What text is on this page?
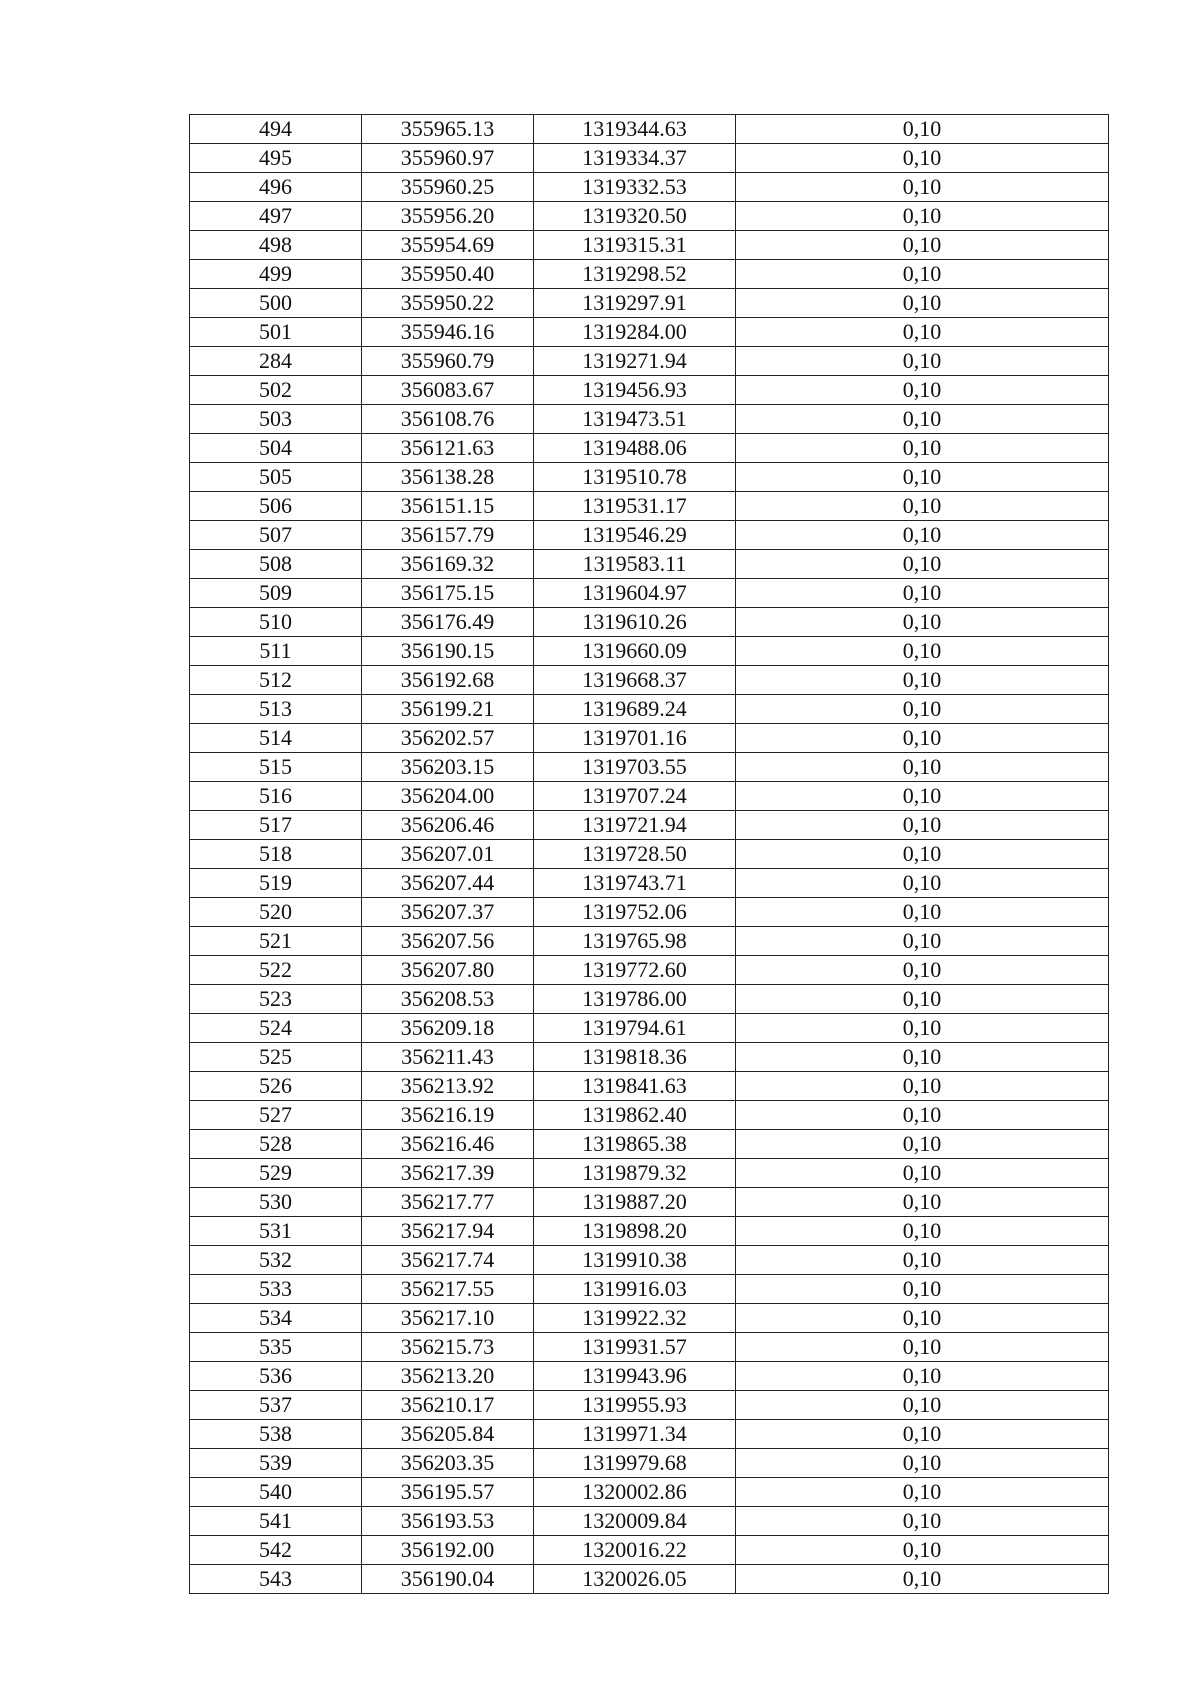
494	355965.13	1319344.63	0,10
495	355960.97	1319334.37	0,10
496	355960.25	1319332.53	0,10
497	355956.20	1319320.50	0,10
498	355954.69	1319315.31	0,10
499	355950.40	1319298.52	0,10
500	355950.22	1319297.91	0,10
501	355946.16	1319284.00	0,10
284	355960.79	1319271.94	0,10
502	356083.67	1319456.93	0,10
503	356108.76	1319473.51	0,10
504	356121.63	1319488.06	0,10
505	356138.28	1319510.78	0,10
506	356151.15	1319531.17	0,10
507	356157.79	1319546.29	0,10
508	356169.32	1319583.11	0,10
509	356175.15	1319604.97	0,10
510	356176.49	1319610.26	0,10
511	356190.15	1319660.09	0,10
512	356192.68	1319668.37	0,10
513	356199.21	1319689.24	0,10
514	356202.57	1319701.16	0,10
515	356203.15	1319703.55	0,10
516	356204.00	1319707.24	0,10
517	356206.46	1319721.94	0,10
518	356207.01	1319728.50	0,10
519	356207.44	1319743.71	0,10
520	356207.37	1319752.06	0,10
521	356207.56	1319765.98	0,10
522	356207.80	1319772.60	0,10
523	356208.53	1319786.00	0,10
524	356209.18	1319794.61	0,10
525	356211.43	1319818.36	0,10
526	356213.92	1319841.63	0,10
527	356216.19	1319862.40	0,10
528	356216.46	1319865.38	0,10
529	356217.39	1319879.32	0,10
530	356217.77	1319887.20	0,10
531	356217.94	1319898.20	0,10
532	356217.74	1319910.38	0,10
533	356217.55	1319916.03	0,10
534	356217.10	1319922.32	0,10
535	356215.73	1319931.57	0,10
536	356213.20	1319943.96	0,10
537	356210.17	1319955.93	0,10
538	356205.84	1319971.34	0,10
539	356203.35	1319979.68	0,10
540	356195.57	1320002.86	0,10
541	356193.53	1320009.84	0,10
542	356192.00	1320016.22	0,10
543	356190.04	1320026.05	0,10
